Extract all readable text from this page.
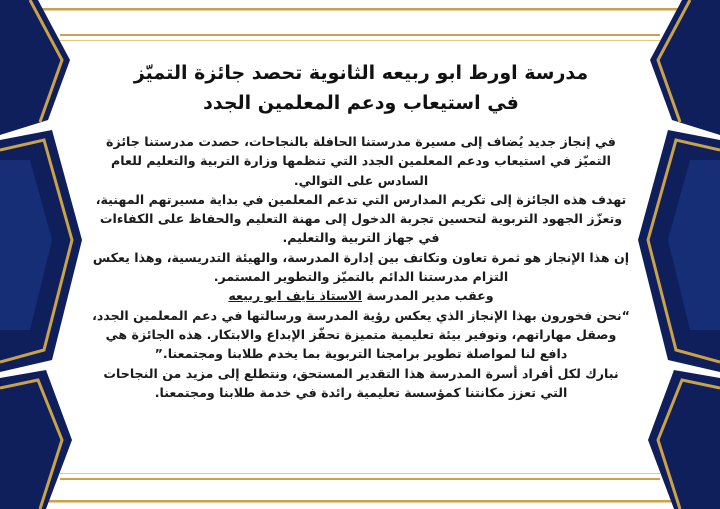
مدرسة اورط ابو ربيعه الثانوية تحصد جائزة التميّز
في استيعاب ودعم المعلمين الجدد

في إنجاز جديد يُضاف إلى مسيرة مدرستنا الحافلة بالنجاحات، حصدت مدرستنا جائزة التميّز في استيعاب ودعم المعلمين الجدد التي تنظمها وزارة التربية والتعليم للعام السادس على التوالي.

تهدف هذه الجائزة إلى تكريم المدارس التي تدعم المعلمين في بداية مسيرتهم المهنية، وتعزّز الجهود التربوية لتحسين تجربة الدخول إلى مهنة التعليم والحفاظ على الكفاءات في جهاز التربية والتعليم.

إن هذا الإنجاز هو ثمرة تعاون وتكاتف بين إدارة المدرسة، والهيئة التدريسية، وهذا يعكس التزام مدرستنا الدائم بالتميّز والتطوير المستمر.

وعقب مدير المدرسة الاستاذ نايف ابو ربيعه

“نحن فخورون بهذا الإنجاز الذي يعكس رؤية المدرسة ورسالتها في دعم المعلمين الجدد، وصقل مهاراتهم، وتوفير بيئة تعليمية متميزة تحفّز الإبداع والابتكار. هذه الجائزة هي دافع لنا لمواصلة تطوير برامجنا التربوية بما يخدم طلابنا ومجتمعنا.”

نبارك لكل أفراد أسرة المدرسة هذا التقدير المستحق، ونتطلع إلى مزيد من النجاحات التي تعزز مكانتنا كمؤسسة تعليمية رائدة في خدمة طلابنا ومجتمعنا.
